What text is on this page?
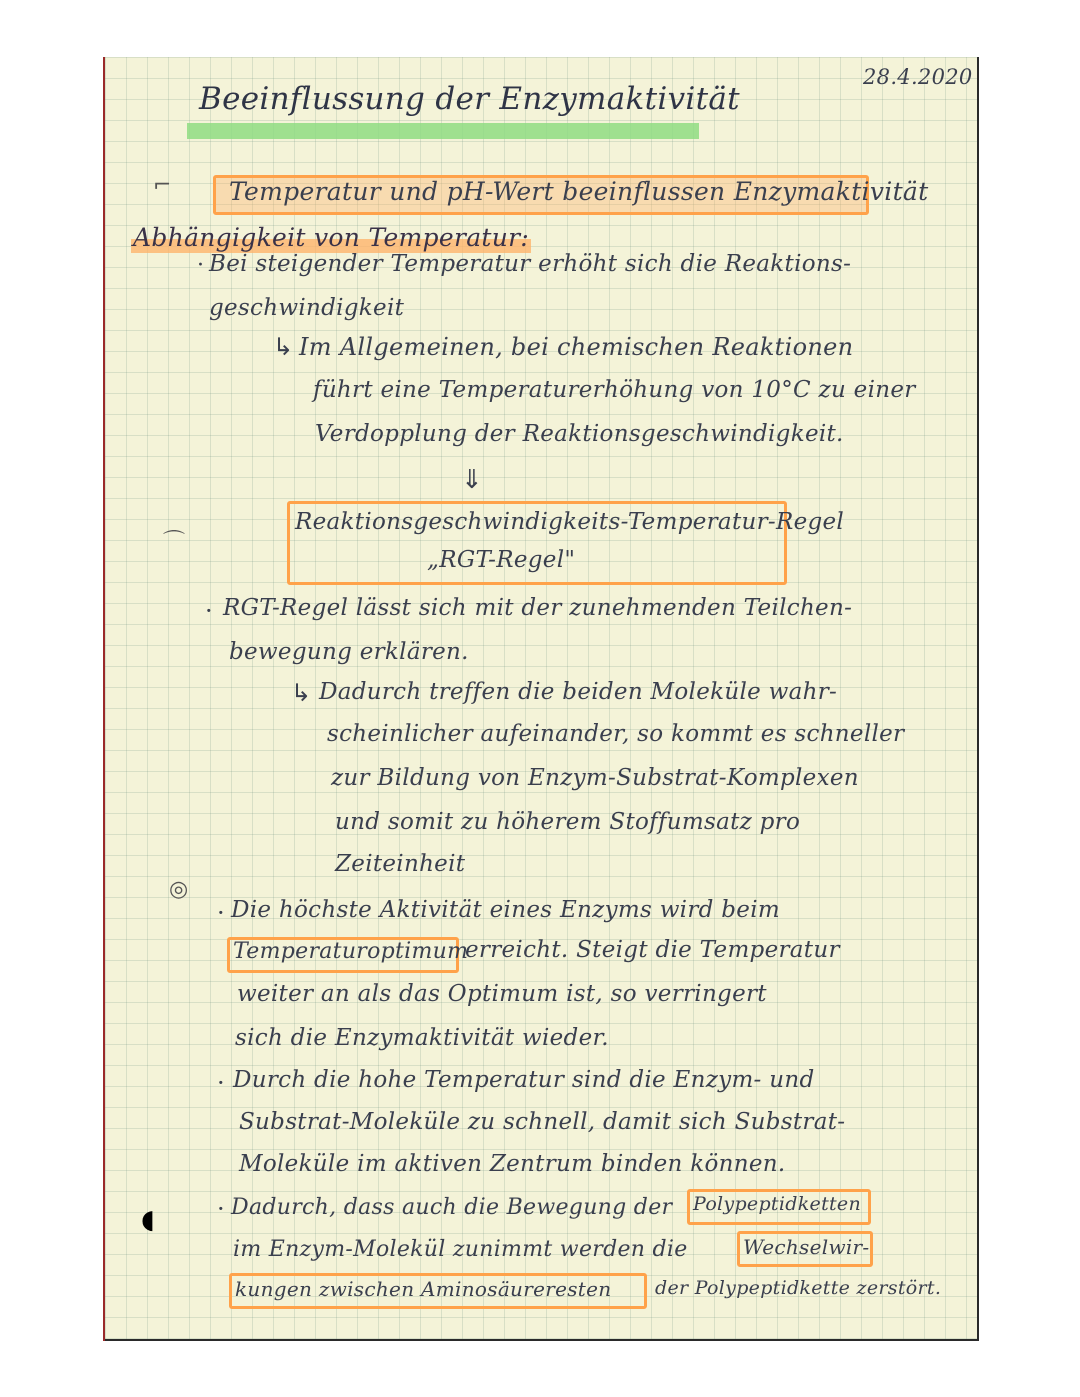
28.4.2020
Beeinflussung der Enzymaktivität
⌐
⌒
◎
◖
Temperatur und pH-Wert beeinflussen Enzymaktivität
Abhängigkeit von Temperatur:
· Bei steigender Temperatur erhöht sich die Reaktions-
geschwindigkeit
↳ Im Allgemeinen, bei chemischen Reaktionen
führt eine Temperaturerhöhung von 10°C zu einer
Verdopplung der Reaktionsgeschwindigkeit.
⇓
Reaktionsgeschwindigkeits-Temperatur-Regel
„RGT-Regel"
· RGT-Regel lässt sich mit der zunehmenden Teilchen-
bewegung erklären.
↳ Dadurch treffen die beiden Moleküle wahr-
scheinlicher aufeinander, so kommt es schneller
zur Bildung von Enzym-Substrat-Komplexen
und somit zu höherem Stoffumsatz pro
Zeiteinheit
· Die höchste Aktivität eines Enzyms wird beim
Temperaturoptimum
erreicht. Steigt die Temperatur
weiter an als das Optimum ist, so verringert
sich die Enzymaktivität wieder.
· Durch die hohe Temperatur sind die Enzym- und
Substrat-Moleküle zu schnell, damit sich Substrat-
Moleküle im aktiven Zentrum binden können.
· Dadurch, dass auch die Bewegung der Polypeptidketten
im Enzym-Molekül zunimmt werden die	Wechselwir-
kungen zwischen Aminosäureresten der Polypeptidkette zerstört.
